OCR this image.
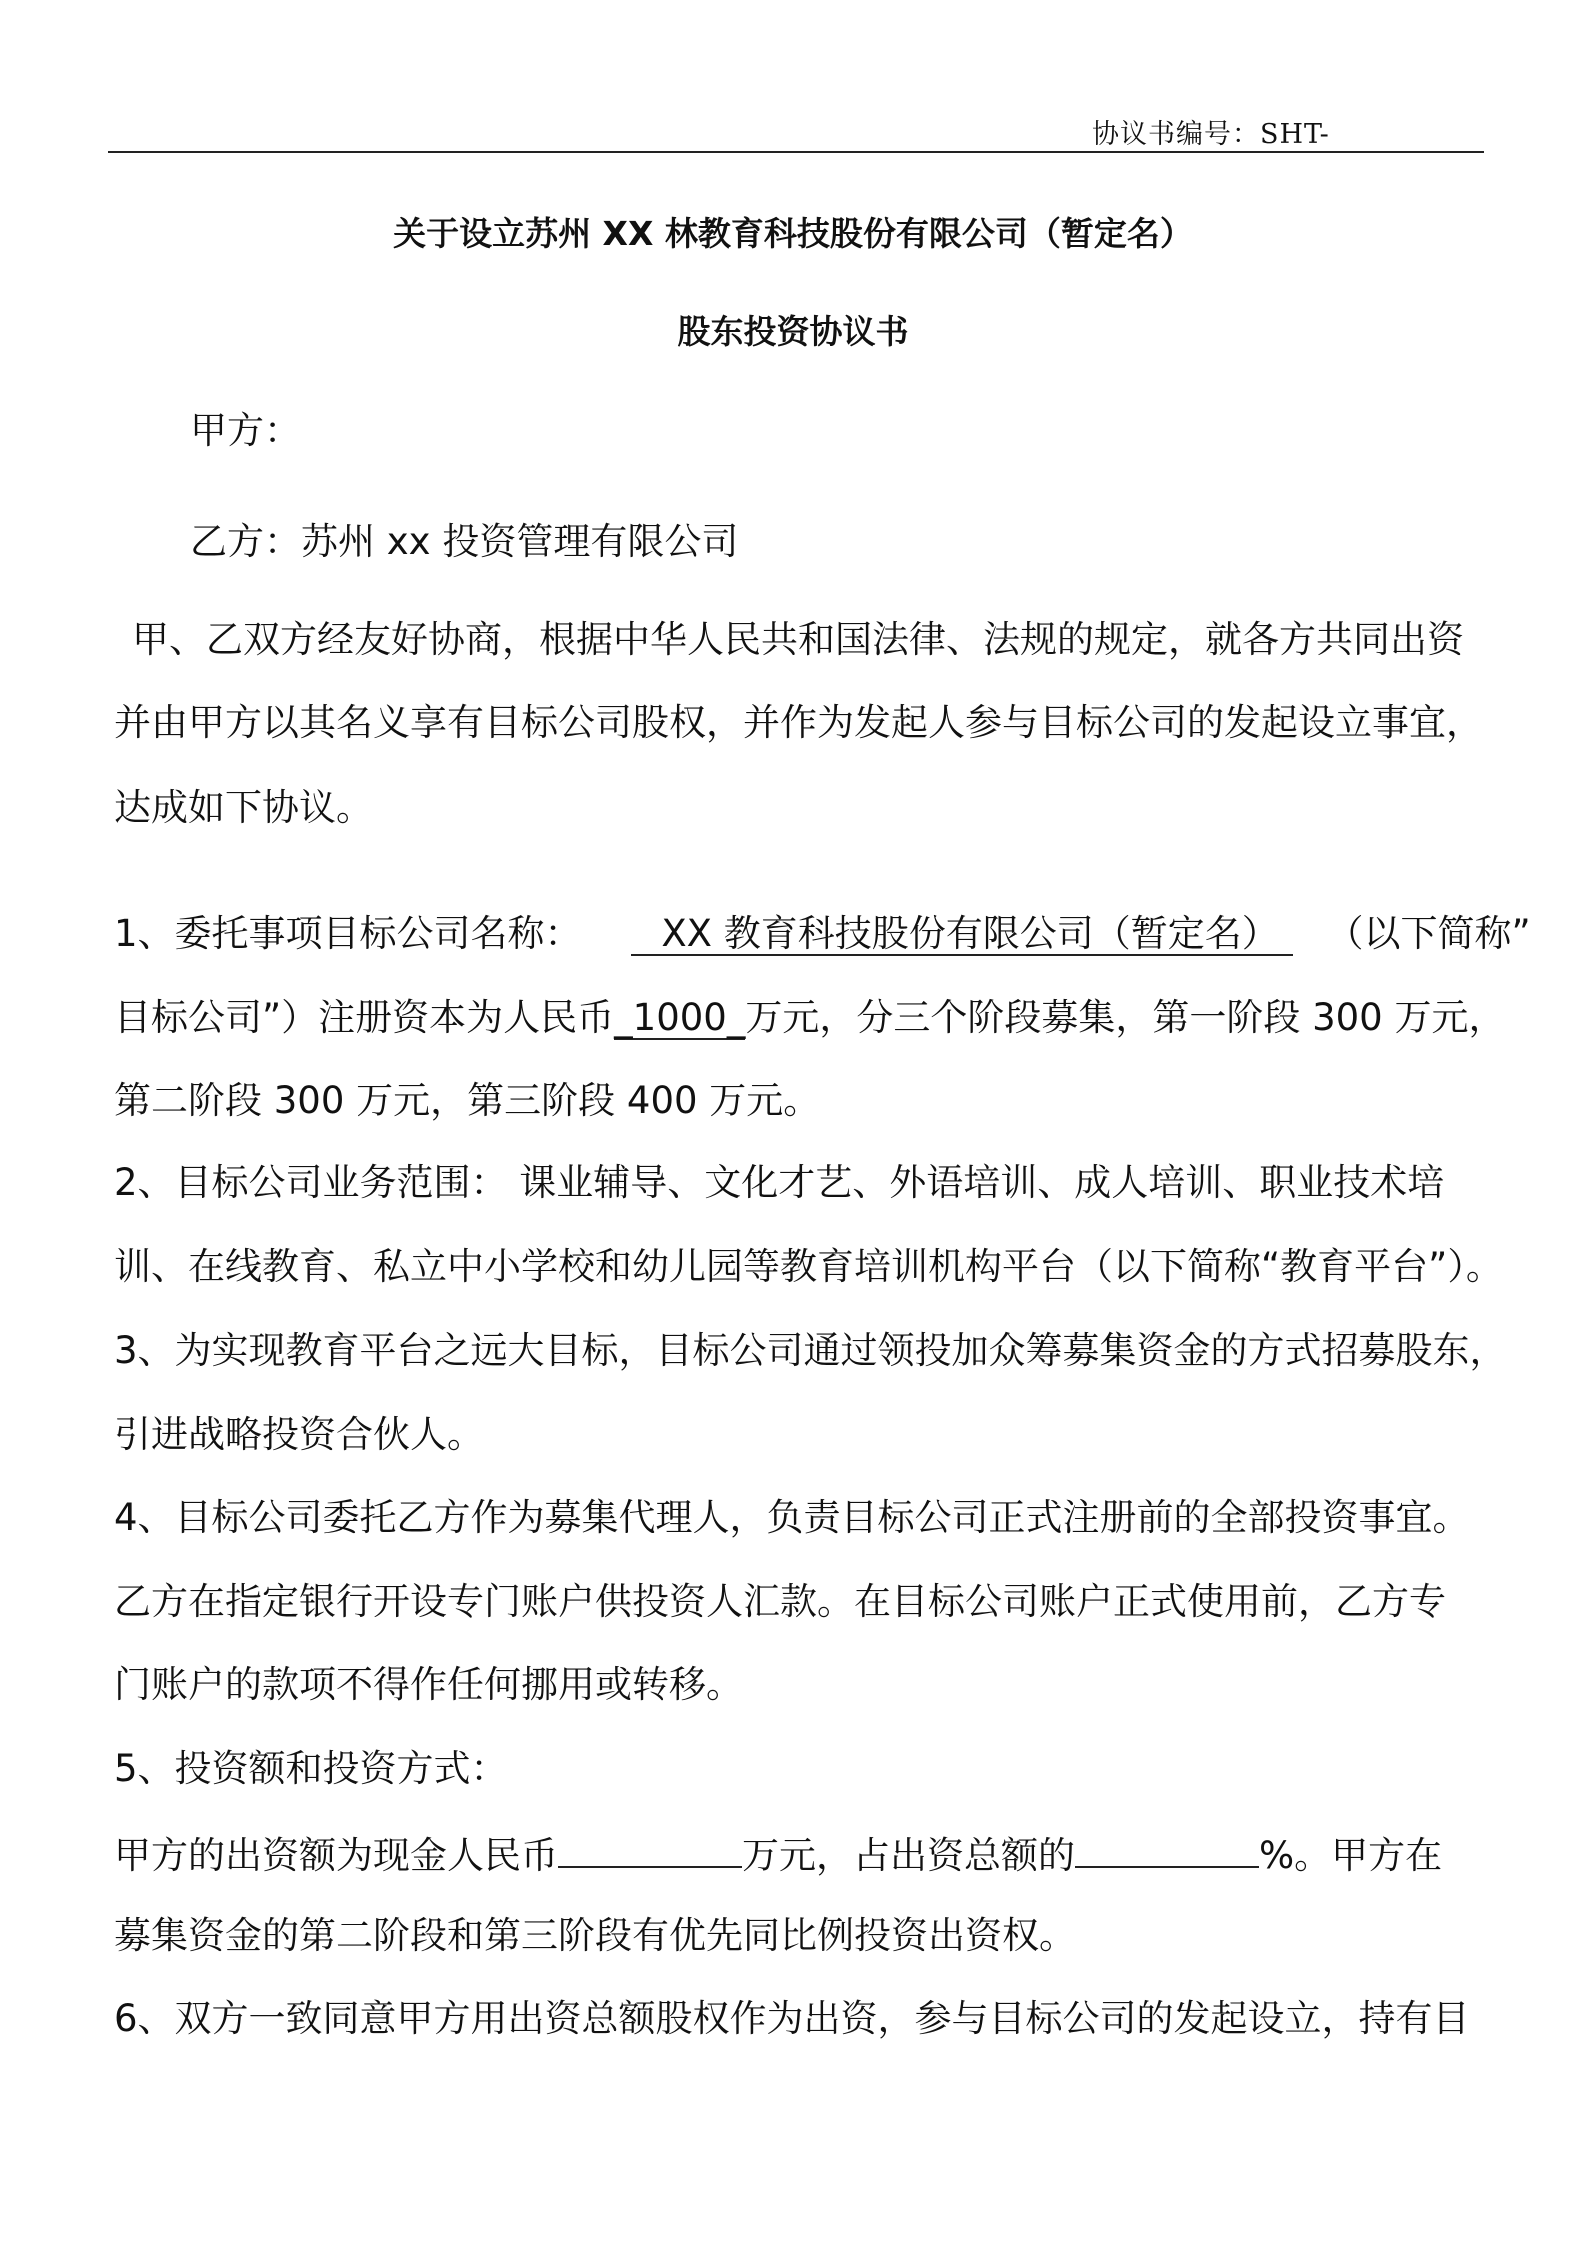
协议书编号：SHT-
关于设立苏州 XX 林教育科技股份有限公司（暂定名）
股东投资协议书
甲方：
乙方：苏州 xx 投资管理有限公司
甲、乙双方经友好协商，根据中华人民共和国法律、法规的规定，就各方共同出资
并由甲方以其名义享有目标公司股权，并作为发起人参与目标公司的发起设立事宜，
达成如下协议。
1、委托事项目标公司名称： XX 教育科技股份有限公司（暂定名） （以下简称”
目标公司”）注册资本为人民币_1000_万元，分三个阶段募集，第一阶段 300 万元，
第二阶段 300 万元，第三阶段 400 万元。
2、目标公司业务范围： 课业辅导、文化才艺、外语培训、成人培训、职业技术培
训、在线教育、私立中小学校和幼儿园等教育培训机构平台（以下简称“教育平台”）。
3、为实现教育平台之远大目标，目标公司通过领投加众筹募集资金的方式招募股东，
引进战略投资合伙人。
4、目标公司委托乙方作为募集代理人，负责目标公司正式注册前的全部投资事宜。
乙方在指定银行开设专门账户供投资人汇款。在目标公司账户正式使用前，乙方专
门账户的款项不得作任何挪用或转移。
5、投资额和投资方式：
甲方的出资额为现金人民币	万元，占出资总额的	%。甲方在
募集资金的第二阶段和第三阶段有优先同比例投资出资权。
6、双方一致同意甲方用出资总额股权作为出资，参与目标公司的发起设立，持有目
